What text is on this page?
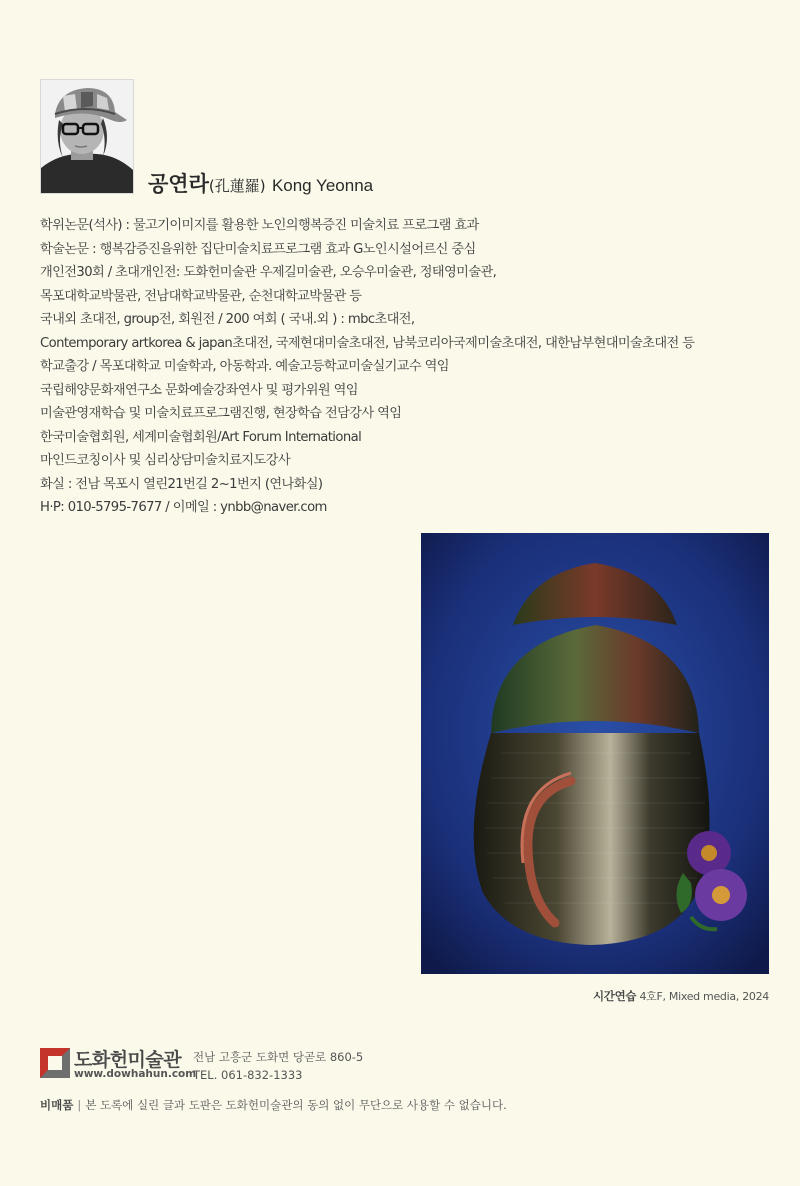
공연라(孔蓮羅) Kong Yeonna
학위논문(석사) : 물고기이미지를 활용한 노인의행복증진 미술치료 프로그램 효과
학술논문 : 행복감증진을위한 집단미술치료프로그램 효과 G노인시설어르신 중심
개인전30회 / 초대개인전: 도화헌미술관 우제길미술관, 오승우미술관, 정태영미술관,
목포대학교박물관, 전남대학교박물관, 순천대학교박물관 등
국내외 초대전, group전, 회원전 / 200 여회 ( 국내.외 ) : mbc초대전,
Contemporary artkorea & japan초대전, 국제현대미술초대전, 남북코리아국제미술초대전, 대한남부현대미술초대전 등
학교출강 / 목포대학교 미술학과, 아동학과. 예술고등학교미술실기교수 역임
국립해양문화재연구소 문화예술강좌연사 및 평가위원 역임
미술관영재학습 및 미술치료프로그램진행, 현장학습 전담강사 역임
한국미술협회원, 세계미술협회원/Art Forum International
마인드코칭이사 및 심리상담미술치료지도강사
화실 : 전남 목포시 열린21번길 2~1번지 (연나화실)
H·P: 010-5795-7677 / 이메일 : ynbb@naver.com
시간연습 4호F, Mixed media, 2024
도화헌미술관
www.dowhahun.com
전남 고흥군 도화면 당곧로 860-5
TEL. 061-832-1333
비매품 | 본 도록에 실린 글과 도판은 도화헌미술관의 동의 없이 무단으로 사용할 수 없습니다.
